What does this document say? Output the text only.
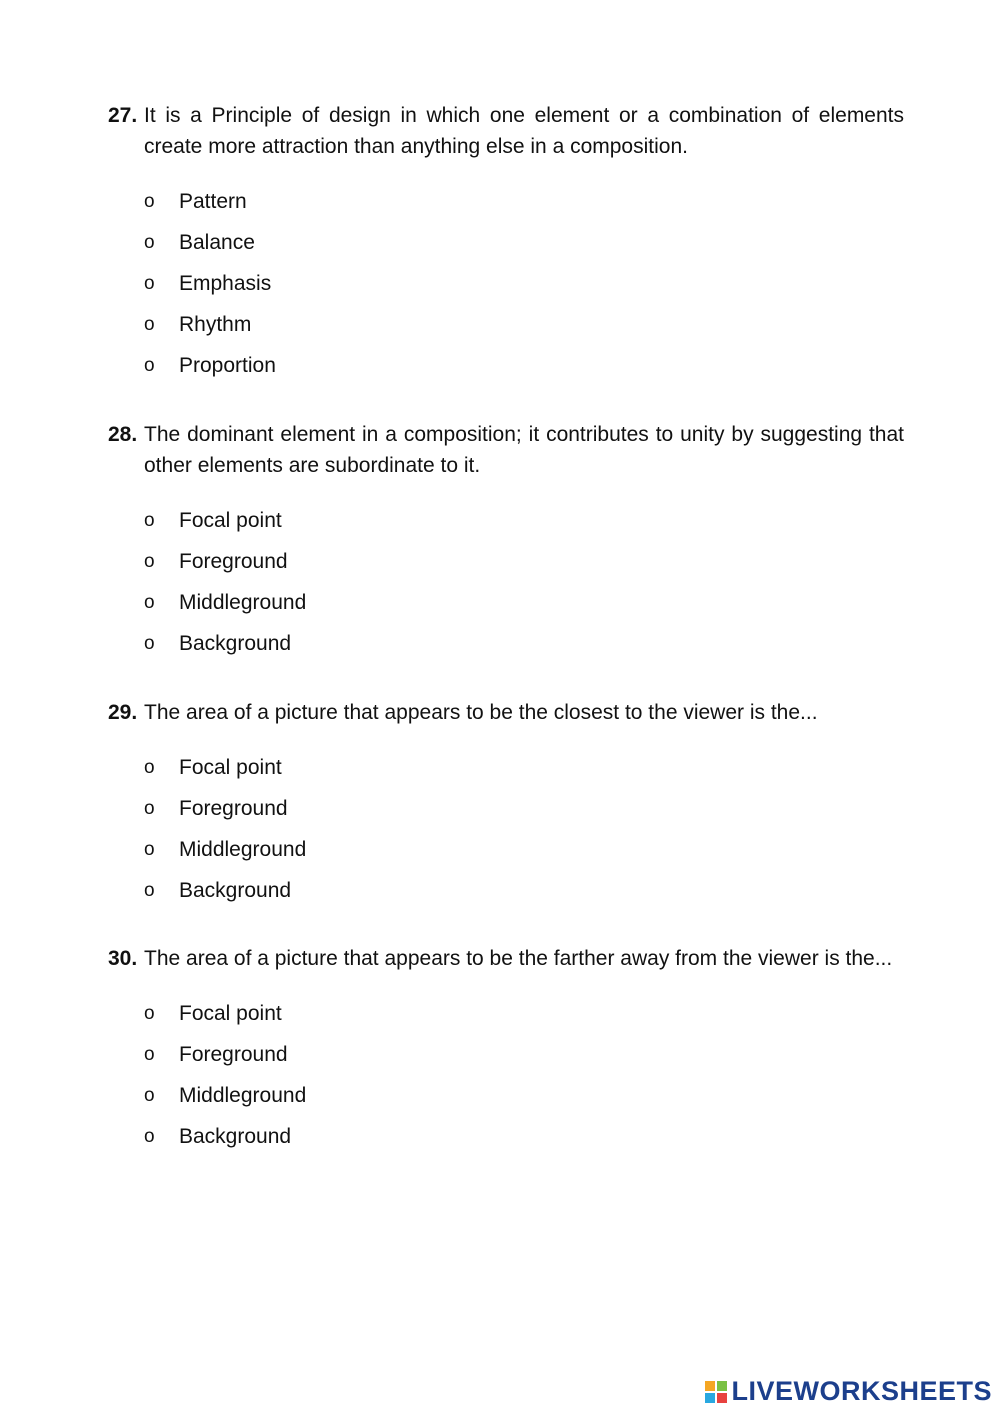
27. It is a Principle of design in which one element or a combination of elements create more attraction than anything else in a composition.
o	Pattern
o	Balance
o	Emphasis
o	Rhythm
o	Proportion
28. The dominant element in a composition; it contributes to unity by suggesting that other elements are subordinate to it.
o	Focal point
o	Foreground
o	Middleground
o	Background
29. The area of a picture that appears to be the closest to the viewer is the...
o	Focal point
o	Foreground
o	Middleground
o	Background
30. The area of a picture that appears to be the farther away from the viewer is the...
o	Focal point
o	Foreground
o	Middleground
o	Background
LIVEWORKSHEETS
